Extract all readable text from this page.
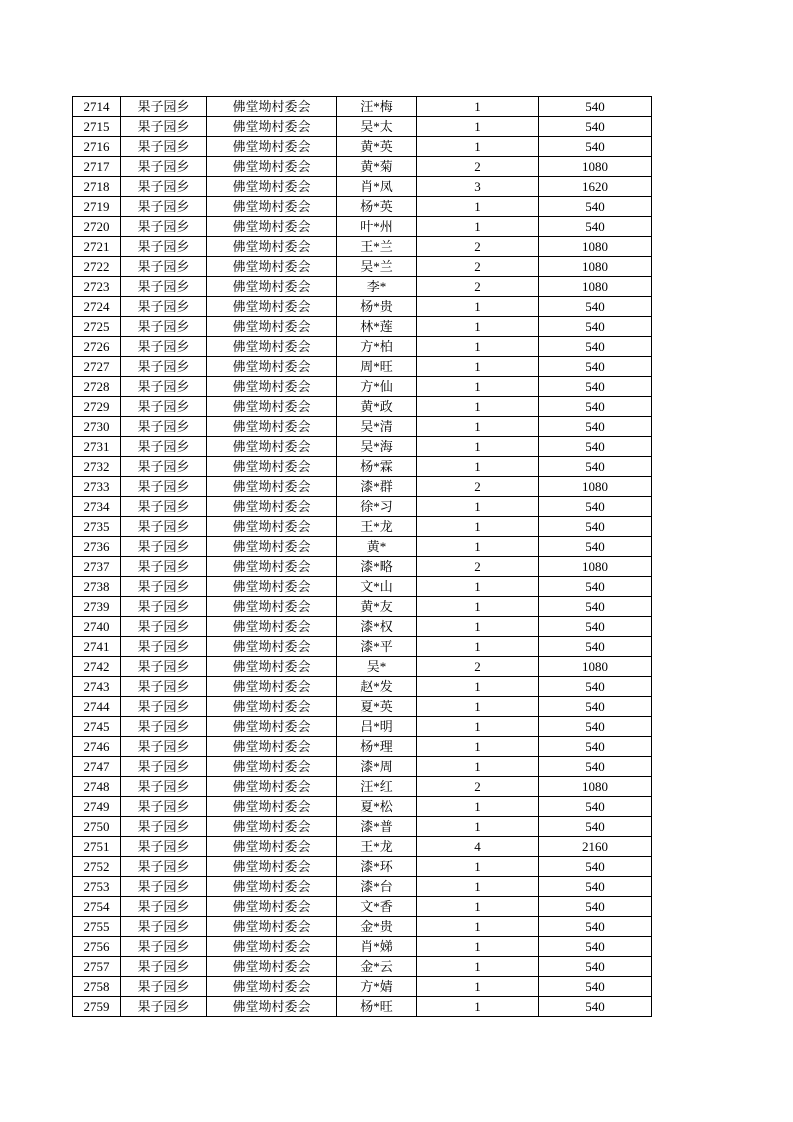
2714	果子园乡	佛堂坳村委会	汪*梅	1	540
2715	果子园乡	佛堂坳村委会	吴*太	1	540
2716	果子园乡	佛堂坳村委会	黄*英	1	540
2717	果子园乡	佛堂坳村委会	黄*菊	2	1080
2718	果子园乡	佛堂坳村委会	肖*凤	3	1620
2719	果子园乡	佛堂坳村委会	杨*英	1	540
2720	果子园乡	佛堂坳村委会	叶*州	1	540
2721	果子园乡	佛堂坳村委会	王*兰	2	1080
2722	果子园乡	佛堂坳村委会	吴*兰	2	1080
2723	果子园乡	佛堂坳村委会	李*	2	1080
2724	果子园乡	佛堂坳村委会	杨*贵	1	540
2725	果子园乡	佛堂坳村委会	林*莲	1	540
2726	果子园乡	佛堂坳村委会	方*柏	1	540
2727	果子园乡	佛堂坳村委会	周*旺	1	540
2728	果子园乡	佛堂坳村委会	方*仙	1	540
2729	果子园乡	佛堂坳村委会	黄*政	1	540
2730	果子园乡	佛堂坳村委会	吴*清	1	540
2731	果子园乡	佛堂坳村委会	吴*海	1	540
2732	果子园乡	佛堂坳村委会	杨*霖	1	540
2733	果子园乡	佛堂坳村委会	漆*群	2	1080
2734	果子园乡	佛堂坳村委会	徐*习	1	540
2735	果子园乡	佛堂坳村委会	王*龙	1	540
2736	果子园乡	佛堂坳村委会	黄*	1	540
2737	果子园乡	佛堂坳村委会	漆*略	2	1080
2738	果子园乡	佛堂坳村委会	文*山	1	540
2739	果子园乡	佛堂坳村委会	黄*友	1	540
2740	果子园乡	佛堂坳村委会	漆*权	1	540
2741	果子园乡	佛堂坳村委会	漆*平	1	540
2742	果子园乡	佛堂坳村委会	吴*	2	1080
2743	果子园乡	佛堂坳村委会	赵*发	1	540
2744	果子园乡	佛堂坳村委会	夏*英	1	540
2745	果子园乡	佛堂坳村委会	吕*明	1	540
2746	果子园乡	佛堂坳村委会	杨*理	1	540
2747	果子园乡	佛堂坳村委会	漆*周	1	540
2748	果子园乡	佛堂坳村委会	汪*红	2	1080
2749	果子园乡	佛堂坳村委会	夏*松	1	540
2750	果子园乡	佛堂坳村委会	漆*普	1	540
2751	果子园乡	佛堂坳村委会	王*龙	4	2160
2752	果子园乡	佛堂坳村委会	漆*环	1	540
2753	果子园乡	佛堂坳村委会	漆*台	1	540
2754	果子园乡	佛堂坳村委会	文*香	1	540
2755	果子园乡	佛堂坳村委会	金*贵	1	540
2756	果子园乡	佛堂坳村委会	肖*娣	1	540
2757	果子园乡	佛堂坳村委会	金*云	1	540
2758	果子园乡	佛堂坳村委会	方*婧	1	540
2759	果子园乡	佛堂坳村委会	杨*旺	1	540
